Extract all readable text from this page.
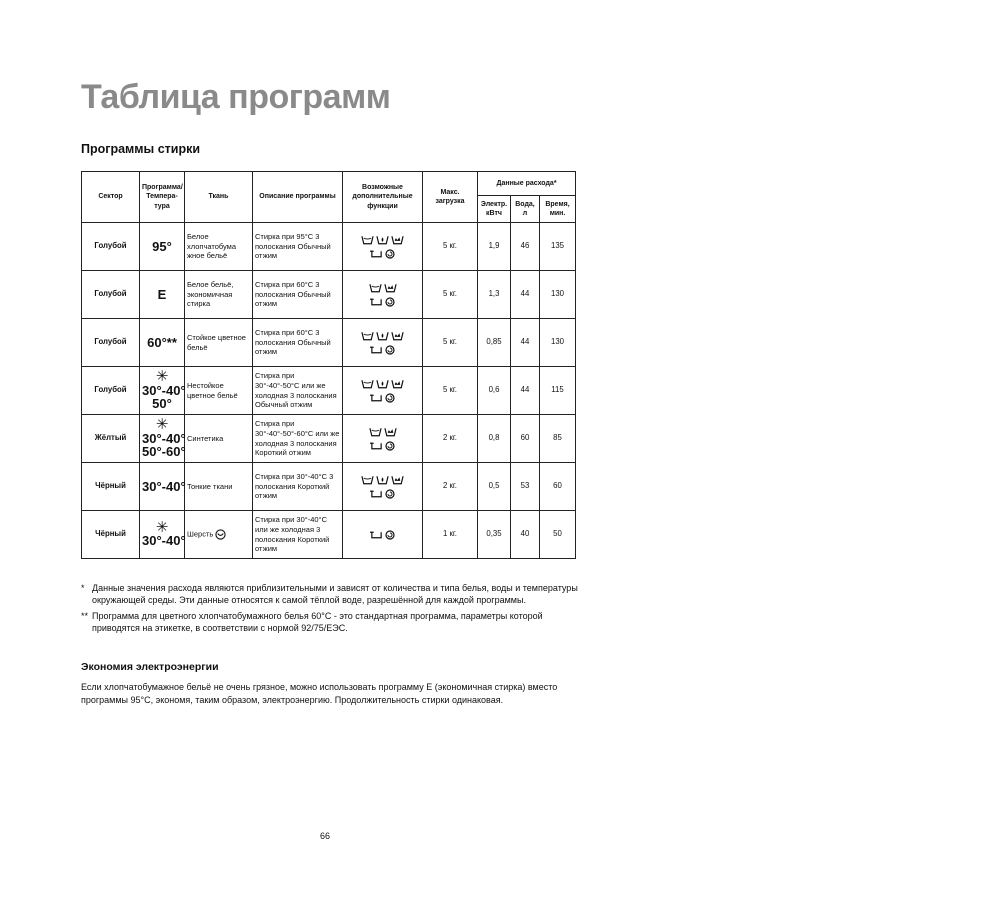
Таблица программ
Программы стирки
Сектор	Программа/ Темпера- тура	Ткань	Описание программы	Возможные дополнительные функции	Макс. загрузка	Данные расхода*		
						Электр. кВтч	Вода, л	Время, мин.
Голубой	95°	Белое хлопчатобума жное бельё	Стирка при 95°C 3 полоскания Обычный отжим		5 кг.	1,9	46	135
Голубой	E	Белое бельё, экономичная стирка	Стирка при 60°C 3 полоскания Обычный отжим		5 кг.	1,3	44	130
Голубой	60°**	Стойкое цветное бельё	Стирка при 60°C 3 полоскания Обычный отжим		5 кг.	0,85	44	130
Голубой	✳
30°-40°
50°	Нестойкое цветное бельё	Стирка при 30°-40°-50°C или же холодная 3 полоскания Обычный отжим		5 кг.	0,6	44	115
Жёлтый	✳
30°-40°
50°-60°	Синтетика	Стирка при 30°-40°-50°-60°C или же холодная 3 полоскания Короткий отжим		2 кг.	0,8	60	85
Чёрный	30°-40°	Тонкие ткани	Стирка при 30°-40°C 3 полоскания Короткий отжим		2 кг.	0,5	53	60
Чёрный	✳
30°-40°	Шерсть	Стирка при 30°-40°C или же холодная 3 полоскания Короткий отжим		1 кг.	0,35	40	50
* Данные значения расхода являются приблизительными и зависят от количества и типа белья, воды и температуры окружающей среды. Эти данные относятся к самой тёплой воде, разрешённой для каждой программы.
** Программа для цветного хлопчатобумажного белья 60°C - это стандартная программа, параметры которой приводятся на этикетке, в соответствии с нормой 92/75/ЕЭС.
Экономия электроэнергии

Если хлопчатобумажное бельё не очень грязное, можно использовать программу E (экономичная стирка) вместо программы 95°C, экономя, таким образом, электроэнергию. Продолжительность стирки одинаковая.

66
